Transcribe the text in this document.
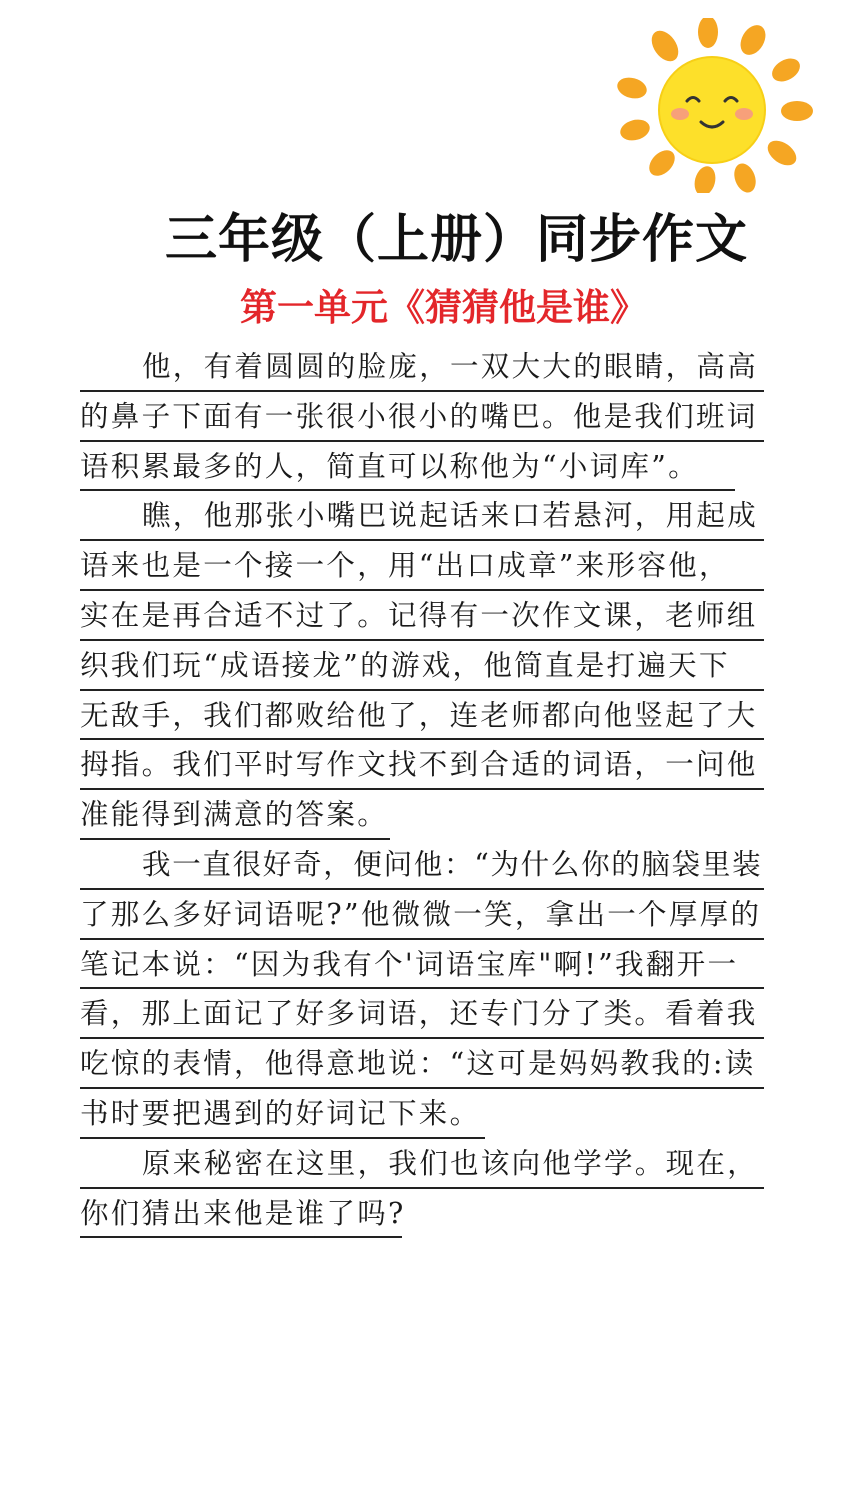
三年级（上册）同步作文
第一单元《猜猜他是谁》
他，有着圆圆的脸庞，一双大大的眼睛，高高
的鼻子下面有一张很小很小的嘴巴。他是我们班词
语积累最多的人，简直可以称他为“小词库”。
瞧，他那张小嘴巴说起话来口若悬河，用起成
语来也是一个接一个，用“出口成章”来形容他，
实在是再合适不过了。记得有一次作文课，老师组
织我们玩“成语接龙”的游戏，他简直是打遍天下
无敌手，我们都败给他了，连老师都向他竖起了大
拇指。我们平时写作文找不到合适的词语，一问他
准能得到满意的答案。
我一直很好奇，便问他：“为什么你的脑袋里装
了那么多好词语呢?”他微微一笑，拿出一个厚厚的
笔记本说：“因为我有个'词语宝库"啊!”我翻开一
看，那上面记了好多词语，还专门分了类。看着我
吃惊的表情，他得意地说：“这可是妈妈教我的:读
书时要把遇到的好词记下来。
原来秘密在这里，我们也该向他学学。现在，
你们猜出来他是谁了吗?
